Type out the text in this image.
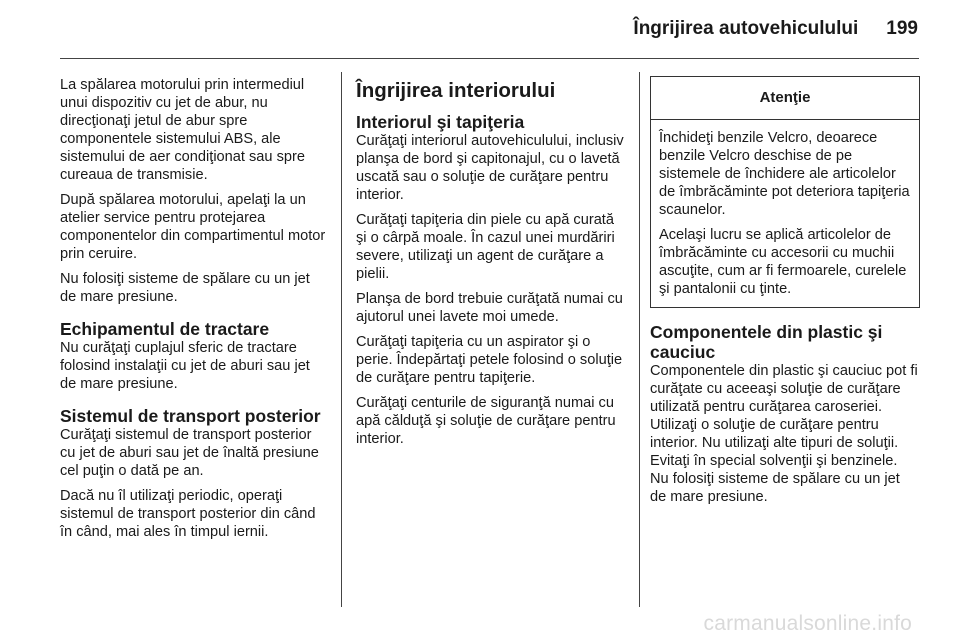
Îngrijirea autovehiculului 199

La spălarea motorului prin intermediul unui dispozitiv cu jet de abur, nu direcţionaţi jetul de abur spre componentele sistemului ABS, ale sistemului de aer condiţionat sau spre cureaua de transmisie.

După spălarea motorului, apelaţi la un atelier service pentru protejarea componentelor din compartimentul motor prin ceruire.

Nu folosiţi sisteme de spălare cu un jet de mare presiune.

Echipamentul de tractare

Nu curăţaţi cuplajul sferic de tractare folosind instalaţii cu jet de aburi sau jet de mare presiune.

Sistemul de transport posterior

Curăţaţi sistemul de transport posterior cu jet de aburi sau jet de înaltă presiune cel puţin o dată pe an.

Dacă nu îl utilizaţi periodic, operaţi sistemul de transport posterior din când în când, mai ales în timpul iernii.

Îngrijirea interiorului
Interiorul şi tapiţeria

Curăţaţi interiorul autovehiculului, inclusiv planşa de bord şi capitonajul, cu o lavetă uscată sau o soluţie de curăţare pentru interior.

Curăţaţi tapiţeria din piele cu apă curată şi o cârpă moale. În cazul unei murdăriri severe, utilizaţi un agent de curăţare a pielii.

Planşa de bord trebuie curăţată numai cu ajutorul unei lavete moi umede.

Curăţaţi tapiţeria cu un aspirator şi o perie. Îndepărtaţi petele folosind o soluţie de curăţare pentru tapiţerie.

Curăţaţi centurile de siguranţă numai cu apă călduţă şi soluţie de curăţare pentru interior.

Atenţie

Închideţi benzile Velcro, deoarece benzile Velcro deschise de pe sistemele de închidere ale articolelor de îmbrăcăminte pot deteriora tapiţeria scaunelor.

Acelaşi lucru se aplică articolelor de îmbrăcăminte cu accesorii cu muchii ascuţite, cum ar fi fermoarele, curelele şi pantalonii cu ţinte.

Componentele din plastic şi cauciuc

Componentele din plastic şi cauciuc pot fi curăţate cu aceeaşi soluţie de curăţare utilizată pentru curăţarea caroseriei. Utilizaţi o soluţie de curăţare pentru interior. Nu utilizaţi alte tipuri de soluţii. Evitaţi în special solvenţii şi benzinele. Nu folosiţi sisteme de spălare cu un jet de mare presiune.

carmanualsonline.info
